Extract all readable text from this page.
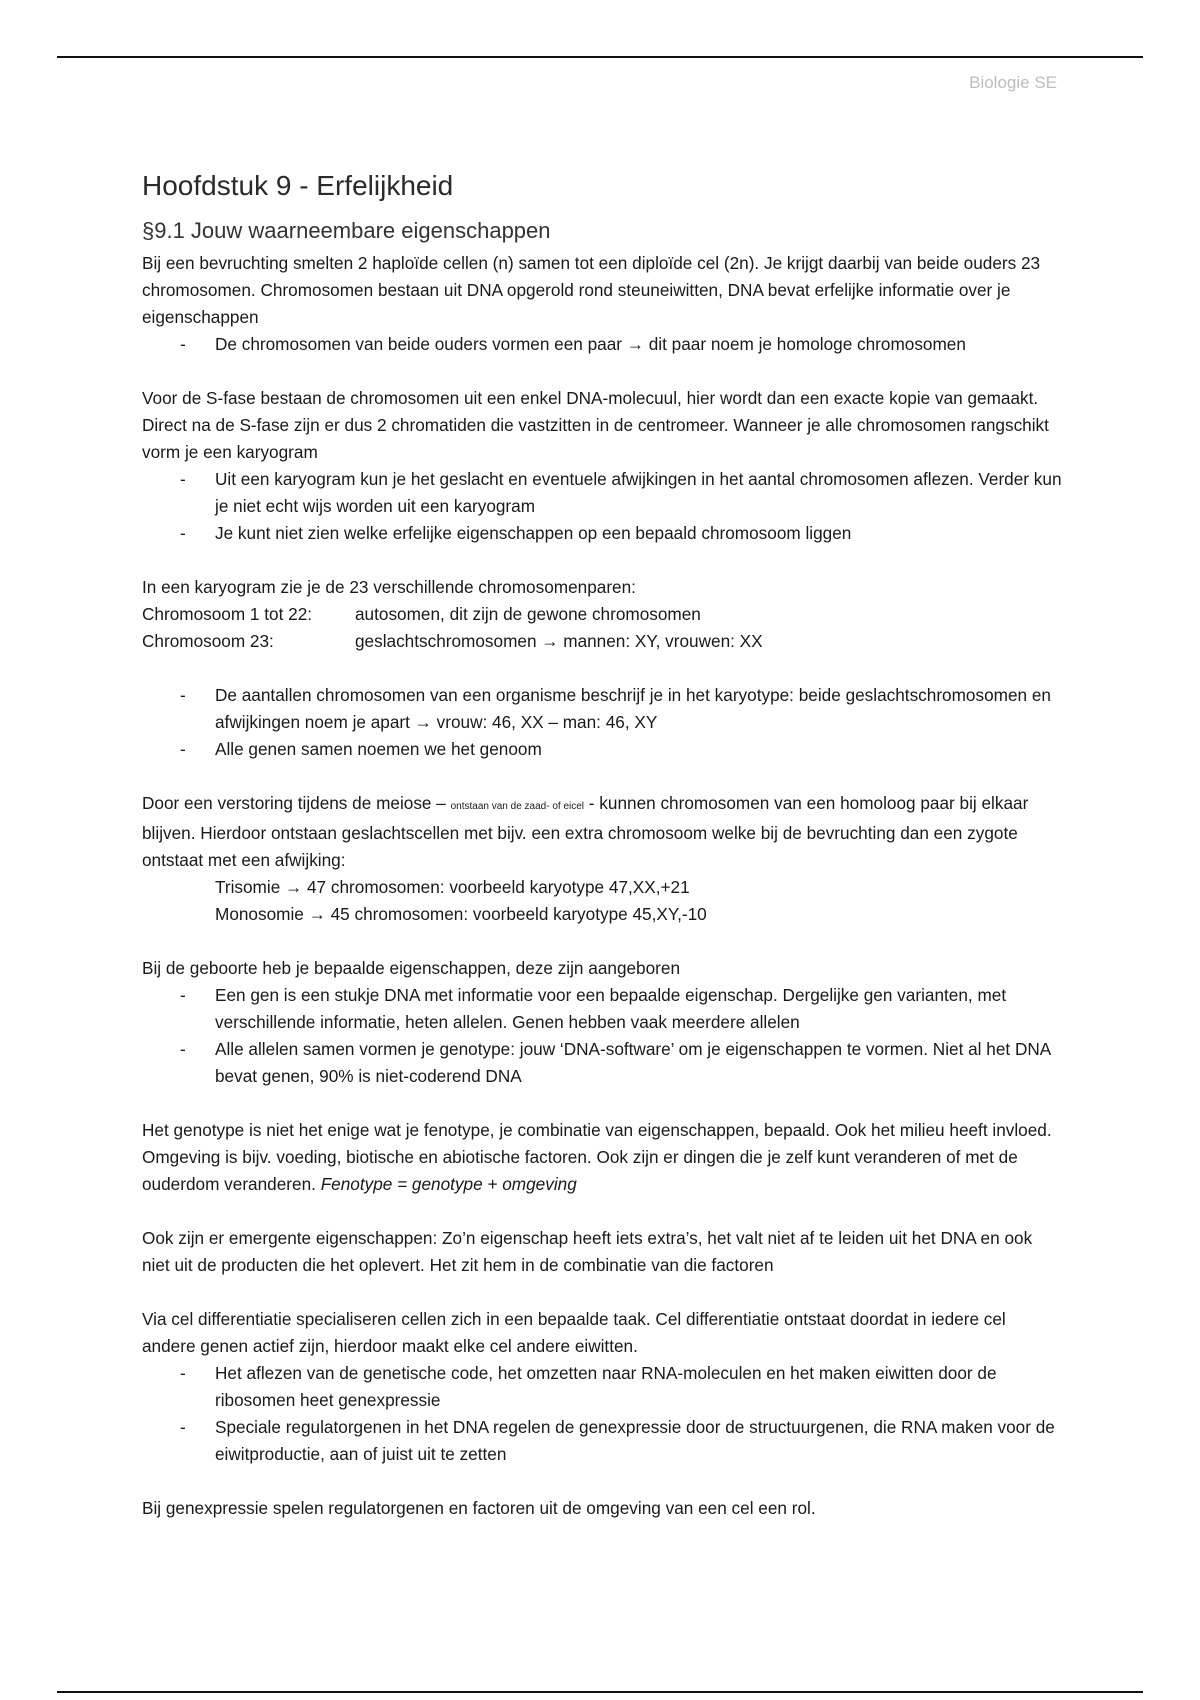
Biologie SE
Hoofdstuk 9 - Erfelijkheid
§9.1 Jouw waarneembare eigenschappen

Bij een bevruchting smelten 2 haploïde cellen (n) samen tot een diploïde cel (2n). Je krijgt daarbij van beide ouders 23 chromosomen. Chromosomen bestaan uit DNA opgerold rond steuneiwitten, DNA bevat erfelijke informatie over je eigenschappen

- De chromosomen van beide ouders vormen een paar → dit paar noem je homologe chromosomen

Voor de S-fase bestaan de chromosomen uit een enkel DNA-molecuul, hier wordt dan een exacte kopie van gemaakt. Direct na de S-fase zijn er dus 2 chromatiden die vastzitten in de centromeer. Wanneer je alle chromosomen rangschikt vorm je een karyogram

- Uit een karyogram kun je het geslacht en eventuele afwijkingen in het aantal chromosomen aflezen. Verder kun je niet echt wijs worden uit een karyogram
- Je kunt niet zien welke erfelijke eigenschappen op een bepaald chromosoom liggen

In een karyogram zie je de 23 verschillende chromosomenparen:

Chromosoom 1 tot 22:	autosomen, dit zijn de gewone chromosomen
Chromosoom 23:	geslachtschromosomen → mannen: XY, vrouwen: XX
- De aantallen chromosomen van een organisme beschrijf je in het karyotype: beide geslachtschromosomen en afwijkingen noem je apart → vrouw: 46, XX – man: 46, XY
- Alle genen samen noemen we het genoom

Door een verstoring tijdens de meiose – ontstaan van de zaad- of eicel - kunnen chromosomen van een homoloog paar bij elkaar blijven. Hierdoor ontstaan geslachtscellen met bijv. een extra chromosoom welke bij de bevruchting dan een zygote ontstaat met een afwijking:

Trisomie → 47 chromosomen: voorbeeld karyotype 47,XX,+21
Monosomie → 45 chromosomen: voorbeeld karyotype 45,XY,-10

Bij de geboorte heb je bepaalde eigenschappen, deze zijn aangeboren

- Een gen is een stukje DNA met informatie voor een bepaalde eigenschap. Dergelijke gen varianten, met verschillende informatie, heten allelen. Genen hebben vaak meerdere allelen
- Alle allelen samen vormen je genotype: jouw ‘DNA-software’ om je eigenschappen te vormen. Niet al het DNA bevat genen, 90% is niet-coderend DNA

Het genotype is niet het enige wat je fenotype, je combinatie van eigenschappen, bepaald. Ook het milieu heeft invloed. Omgeving is bijv. voeding, biotische en abiotische factoren. Ook zijn er dingen die je zelf kunt veranderen of met de ouderdom veranderen. Fenotype = genotype + omgeving

Ook zijn er emergente eigenschappen: Zo’n eigenschap heeft iets extra’s, het valt niet af te leiden uit het DNA en ook niet uit de producten die het oplevert. Het zit hem in de combinatie van die factoren

Via cel differentiatie specialiseren cellen zich in een bepaalde taak. Cel differentiatie ontstaat doordat in iedere cel andere genen actief zijn, hierdoor maakt elke cel andere eiwitten.

- Het aflezen van de genetische code, het omzetten naar RNA-moleculen en het maken eiwitten door de ribosomen heet genexpressie
- Speciale regulatorgenen in het DNA regelen de genexpressie door de structuurgenen, die RNA maken voor de eiwitproductie, aan of juist uit te zetten

Bij genexpressie spelen regulatorgenen en factoren uit de omgeving van een cel een rol.
